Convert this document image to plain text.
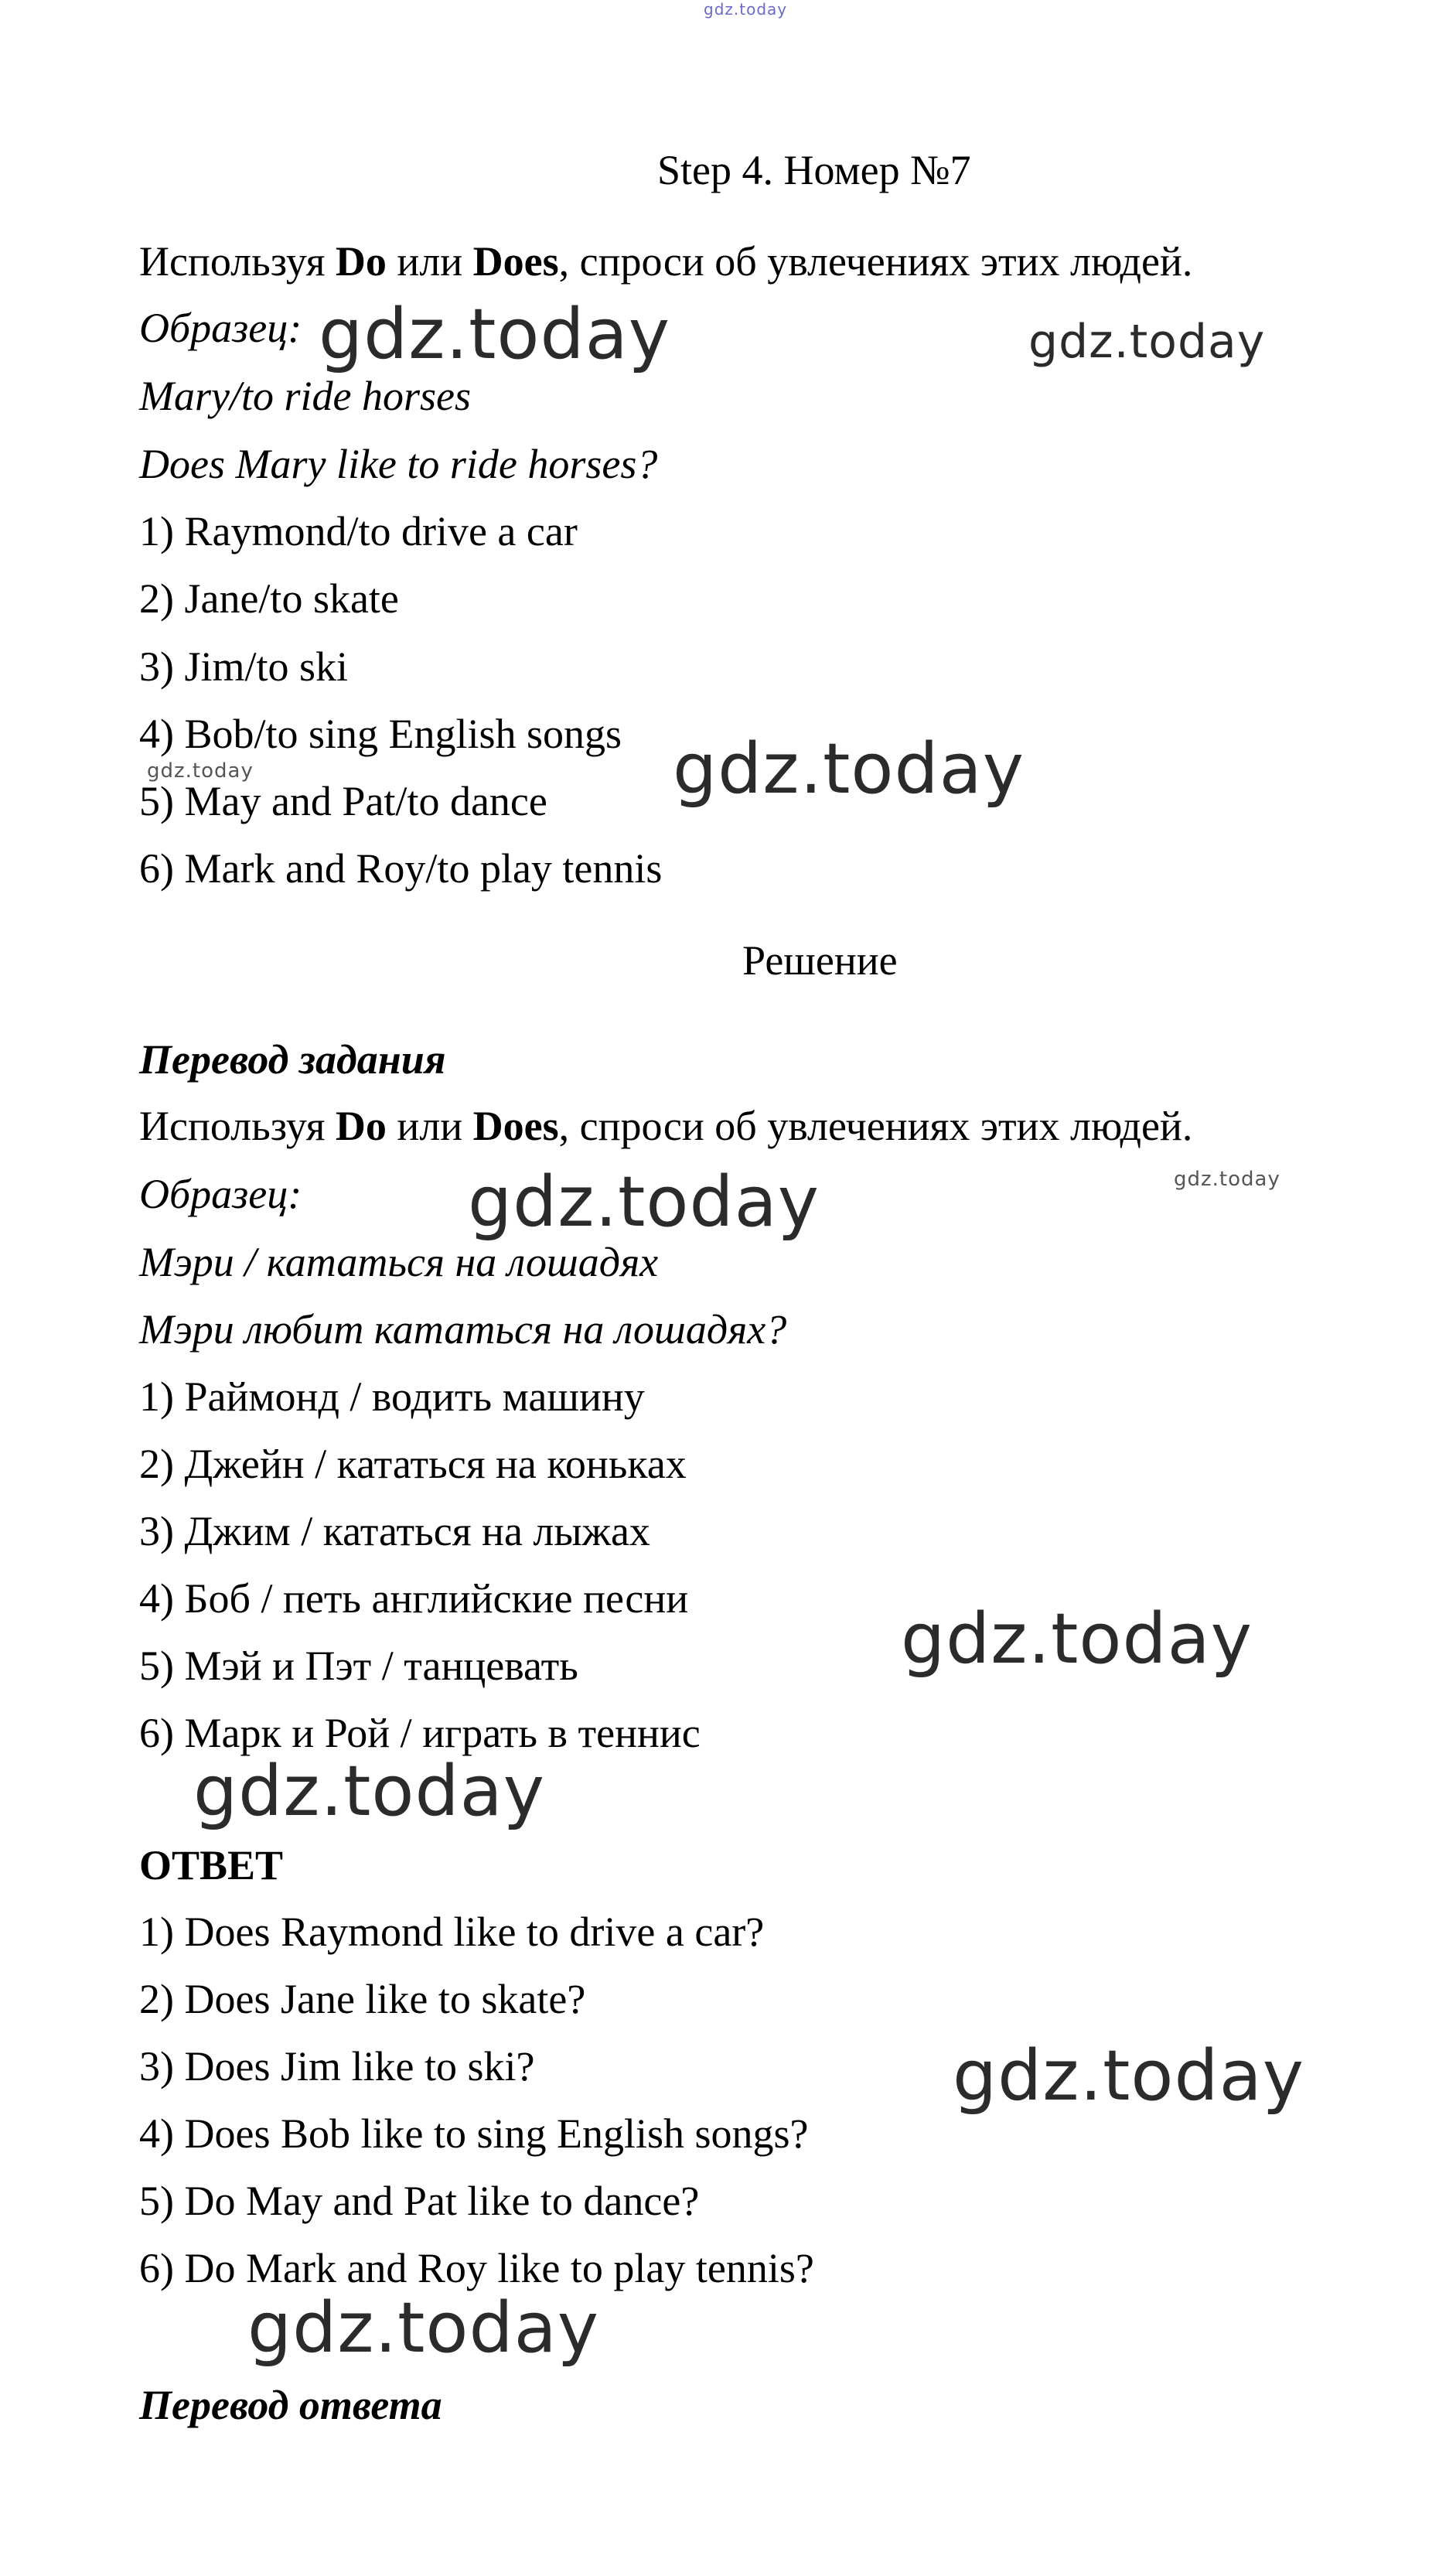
gdz.today

Step 4. Номер №7

Используя Do или Does, спроси об увлечениях этих людей.

Образец: gdz.today	gdz.today

Mary/to ride horses

Does Mary like to ride horses?

1) Raymond/to drive a car

2) Jane/to skate

3) Jim/to ski

4) Bob/to sing English songs

gdz.today	gdz.today

5) May and Pat/to dance

6) Mark and Roy/to play tennis

Решение

Перевод задания

Используя Do или Does, спроси об увлечениях этих людей.

Образец: gdz.today	gdz.today

Мэри / кататься на лошадях

Мэри любит кататься на лошадях?

1) Раймонд / водить машину

2) Джейн / кататься на коньках

3) Джим / кататься на лыжах

4) Боб / петь английские песни	gdz.today

5) Мэй и Пэт / танцевать

6) Марк и Рой / играть в теннис

gdz.today

ОТВЕТ

1) Does Raymond like to drive a car?

2) Does Jane like to skate?

3) Does Jim like to ski?	gdz.today

4) Does Bob like to sing English songs?

5) Do May and Pat like to dance?

6) Do Mark and Roy like to play tennis?

gdz.today

Перевод ответа
